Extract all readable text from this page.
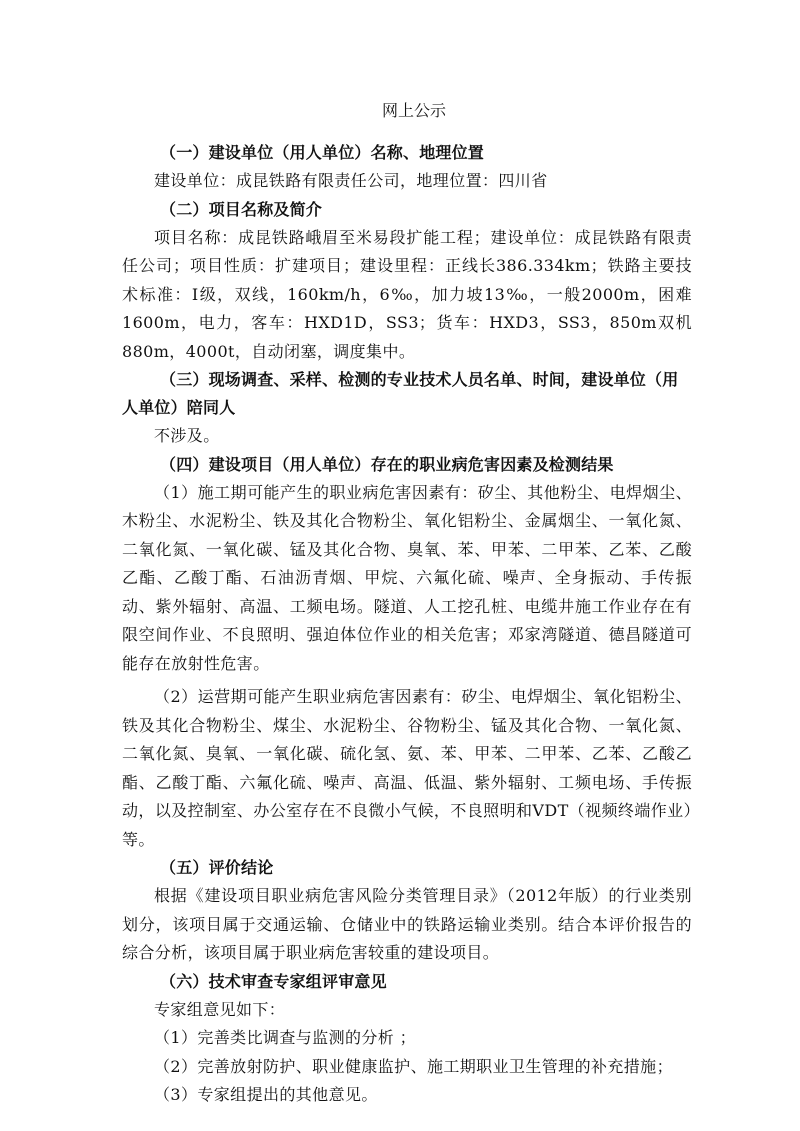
网上公示

（一）建设单位（用人单位）名称、地理位置

建设单位：成昆铁路有限责任公司，地理位置：四川省

（二）项目名称及简介

项目名称：成昆铁路峨眉至米易段扩能工程；建设单位：成昆铁路有限责任公司；项目性质：扩建项目；建设里程：正线长386.334km；铁路主要技术标准：Ⅰ级，双线，160km/h，6‰，加力坡13‰，一般2000m，困难1600m，电力，客车：HXD1D，SS3；货车：HXD3，SS3，850m双机880m，4000t，自动闭塞，调度集中。

（三）现场调查、采样、检测的专业技术人员名单、时间，建设单位（用人单位）陪同人

不涉及。

（四）建设项目（用人单位）存在的职业病危害因素及检测结果

（1）施工期可能产生的职业病危害因素有：矽尘、其他粉尘、电焊烟尘、木粉尘、水泥粉尘、铁及其化合物粉尘、氧化铝粉尘、金属烟尘、一氧化氮、二氧化氮、一氧化碳、锰及其化合物、臭氧、苯、甲苯、二甲苯、乙苯、乙酸乙酯、乙酸丁酯、石油沥青烟、甲烷、六氟化硫、噪声、全身振动、手传振动、紫外辐射、高温、工频电场。隧道、人工挖孔桩、电缆井施工作业存在有限空间作业、不良照明、强迫体位作业的相关危害；邓家湾隧道、德昌隧道可能存在放射性危害。

（2）运营期可能产生职业病危害因素有：矽尘、电焊烟尘、氧化铝粉尘、铁及其化合物粉尘、煤尘、水泥粉尘、谷物粉尘、锰及其化合物、一氧化氮、二氧化氮、臭氧、一氧化碳、硫化氢、氨、苯、甲苯、二甲苯、乙苯、乙酸乙酯、乙酸丁酯、六氟化硫、噪声、高温、低温、紫外辐射、工频电场、手传振动，以及控制室、办公室存在不良微小气候，不良照明和VDT（视频终端作业）等。

（五）评价结论

根据《建设项目职业病危害风险分类管理目录》（2012年版）的行业类别划分，该项目属于交通运输、仓储业中的铁路运输业类别。结合本评价报告的综合分析，该项目属于职业病危害较重的建设项目。

（六）技术审查专家组评审意见

专家组意见如下：

（1）完善类比调查与监测的分析 ；

（2）完善放射防护、职业健康监护、施工期职业卫生管理的补充措施；

（3）专家组提出的其他意见。
